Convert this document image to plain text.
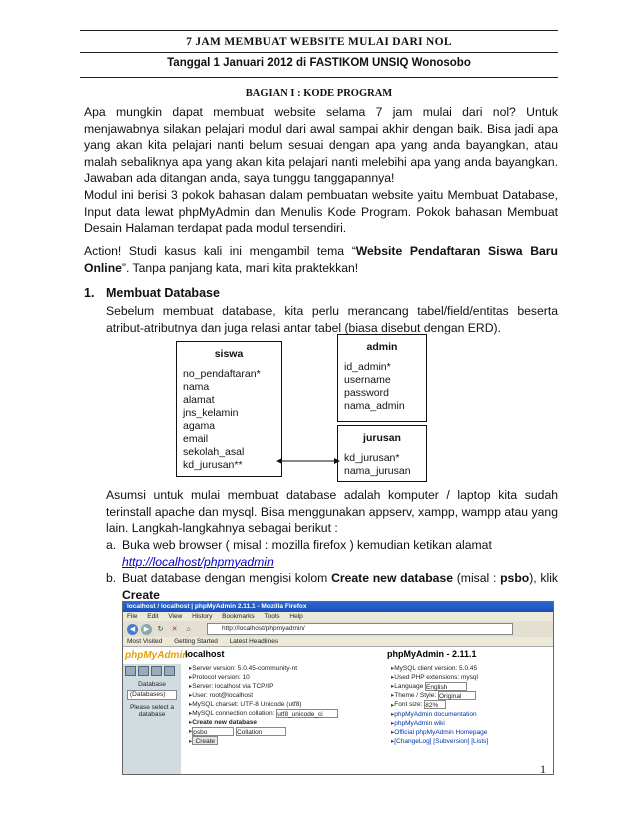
7 JAM MEMBUAT WEBSITE MULAI DARI NOL
Tanggal 1 Januari 2012 di FASTIKOM UNSIQ Wonosobo
BAGIAN I : KODE PROGRAM

Apa mungkin dapat membuat website selama 7 jam mulai dari nol? Untuk menjawabnya silakan pelajari modul dari awal sampai akhir dengan baik. Bisa jadi apa yang akan kita pelajari nanti belum sesuai dengan apa yang anda bayangkan, atau malah sebaliknya apa yang akan kita pelajari nanti melebihi apa yang anda bayangkan. Jawaban ada ditangan anda, saya tunggu tanggapannya!

Modul ini berisi 3 pokok bahasan dalam pembuatan website yaitu Membuat Database, Input data lewat phpMyAdmin dan Menulis Kode Program. Pokok bahasan Membuat Desain Halaman terdapat pada modul tersendiri.

Action! Studi kasus kali ini mengambil tema “Website Pendaftaran Siswa Baru Online”. Tanpa panjang kata, mari kita praktekkan!

1. Membuat Database

Sebelum membuat database, kita perlu merancang tabel/field/entitas beserta atribut-atributnya dan juga relasi antar tabel (biasa disebut dengan ERD).

siswa
no_pendaftaran*
nama
alamat
jns_kelamin
agama
email
sekolah_asal
kd_jurusan**
admin
id_admin*
username
password
nama_admin
jurusan
kd_jurusan*
nama_jurusan

Asumsi untuk mulai membuat database adalah komputer / laptop kita sudah terinstall apache dan mysql. Bisa menggunakan appserv, xampp, wampp atau yang lain. Langkah-langkahnya sebagai berikut :

a. Buka web browser ( misal : mozilla firefox ) kemudian ketikan alamat
http://localhost/phpmyadmin
b. Buat database dengan mengisi kolom Create new database (misal : psbo), klik Create
localhost / localhost | phpMyAdmin 2.11.1 - Mozilla Firefox
File Edit View History Bookmarks Tools Help
◀	▶	↻	✕	⌂	http://localhost/phpmyadmin/
Most Visited Getting Started Latest Headlines
phpMyAdmin
Database
(Databases)
Please select a database
localhost	phpMyAdmin - 2.11.1
▸ Server version: 5.0.45-community-nt
▸ Protocol version: 10
▸ Server: localhost via TCP/IP
▸ User: root@localhost
▸ MySQL charset: UTF-8 Unicode (utf8)
▸ MySQL connection collation: utf8_unicode_ci
▸ Create new database
▸ psbo	Collation
▸ Create
▸ MySQL client version: 5.0.45
▸ Used PHP extensions: mysql
▸ Language English
▸ Theme / Style: Original
▸ Font size: 82%
▸ phpMyAdmin documentation
▸ phpMyAdmin wiki
▸ Official phpMyAdmin Homepage
▸ [ChangeLog] [Subversion] [Lists]
1
